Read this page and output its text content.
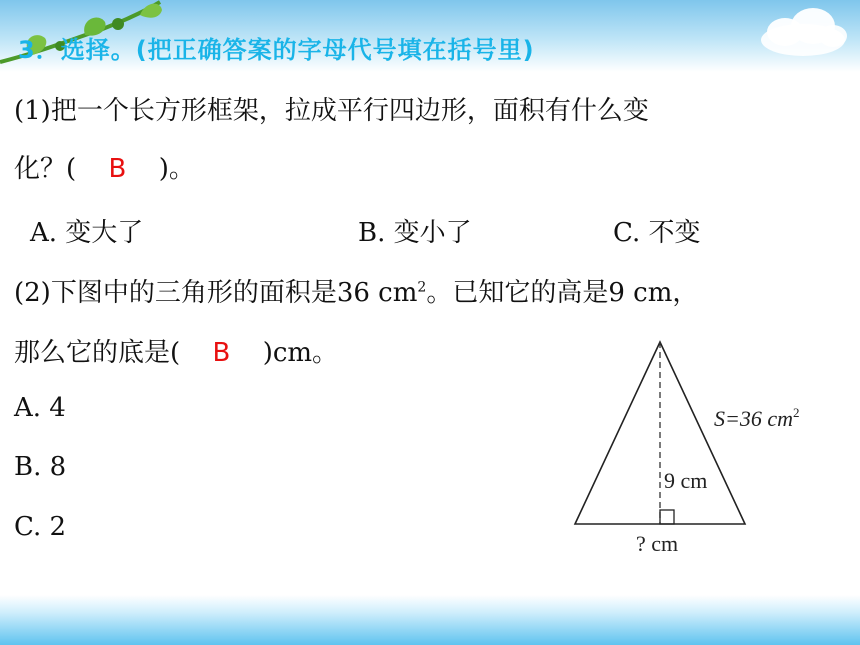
3．选择。(把正确答案的字母代号填在括号里)
(1)把一个长方形框架，拉成平行四边形，面积有什么变
化？( B )。
A. 变大了	B. 变小了	C. 不变
(2)下图中的三角形的面积是36 $cm^2$。已知它的高是9 cm，
那么它的底是( B )cm。
A. 4
B. 8
C. 2
S=36 $cm^2$
9 cm
? cm
